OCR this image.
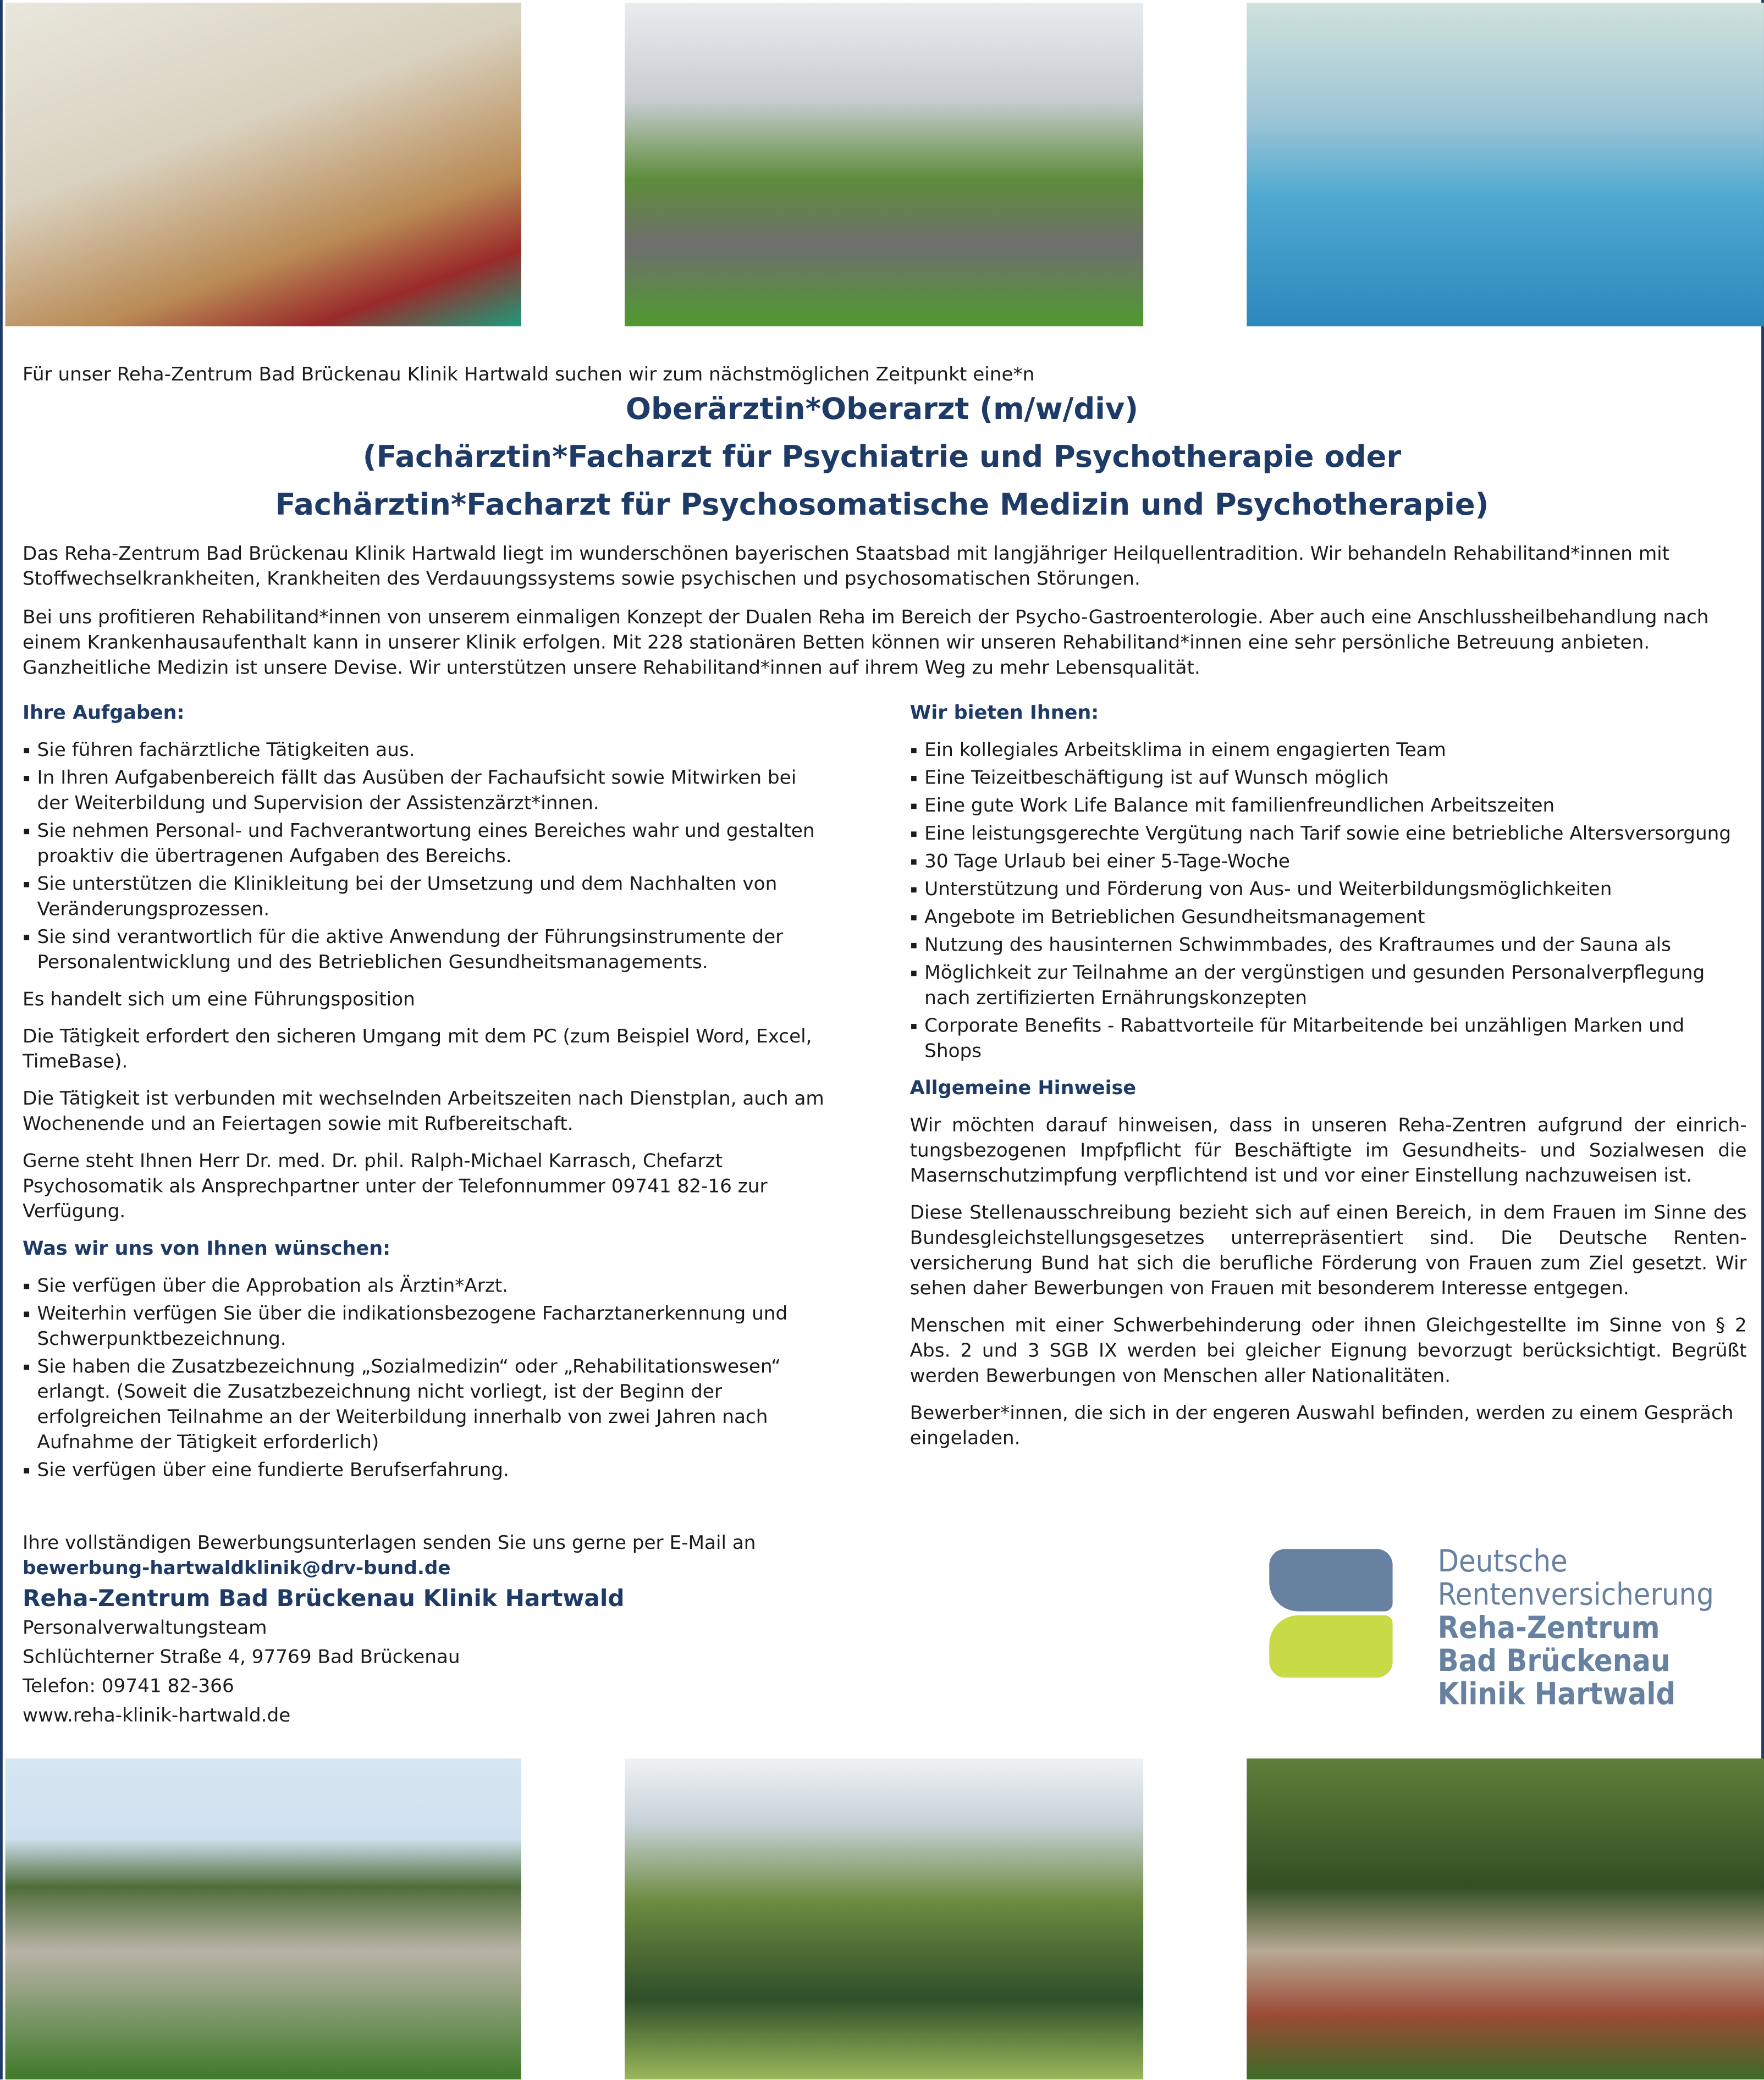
Für unser Reha-Zentrum Bad Brückenau Klinik Hartwald suchen wir zum nächstmöglichen Zeitpunkt eine*n
Oberärztin*Oberarzt (m/w/div)
(Fachärztin*Facharzt für Psychiatrie und Psychotherapie oder
Fachärztin*Facharzt für Psychosomatische Medizin und Psychotherapie)

Das Reha-Zentrum Bad Brückenau Klinik Hartwald liegt im wunderschönen bayerischen Staatsbad mit langjähriger Heilquellentradition. Wir behandeln Rehabilitand*innen mit Stoffwechselkrankheiten, Krankheiten des Verdauungssystems sowie psychischen und psychosomatischen Störungen.

Bei uns profitieren Rehabilitand*innen von unserem einmaligen Konzept der Dualen Reha im Bereich der Psycho-Gastroenterologie. Aber auch eine Anschlussheilbehandlung nach einem Krankenhausaufenthalt kann in unserer Klinik erfolgen. Mit 228 stationären Betten können wir unseren Rehabilitand*innen eine sehr persönliche Betreuung anbieten. Ganzheitliche Medizin ist unsere Devise. Wir unterstützen unsere Rehabilitand*innen auf ihrem Weg zu mehr Lebensqualität.

Ihre Aufgaben:
Sie führen fachärztliche Tätigkeiten aus.
In Ihren Aufgabenbereich fällt das Ausüben der Fachaufsicht sowie Mitwirken bei der Weiterbildung und Supervision der Assistenzärzt*innen.
Sie nehmen Personal- und Fachverantwortung eines Bereiches wahr und gestalten proaktiv die übertragenen Aufgaben des Bereichs.
Sie unterstützen die Klinikleitung bei der Umsetzung und dem Nachhalten von Veränderungsprozessen.
Sie sind verantwortlich für die aktive Anwendung der Führungsinstrumente der Personalentwicklung und des Betrieblichen Gesundheitsmanagements.

Es handelt sich um eine Führungsposition

Die Tätigkeit erfordert den sicheren Umgang mit dem PC (zum Beispiel Word, Excel, TimeBase).

Die Tätigkeit ist verbunden mit wechselnden Arbeitszeiten nach Dienstplan, auch am Wochenende und an Feiertagen sowie mit Rufbereitschaft.

Gerne steht Ihnen Herr Dr. med. Dr. phil. Ralph-Michael Karrasch, Chefarzt Psychosomatik als Ansprechpartner unter der Telefonnummer 09741 82-16 zur Verfügung.

Was wir uns von Ihnen wünschen:
Sie verfügen über die Approbation als Ärztin*Arzt.
Weiterhin verfügen Sie über die indikationsbezogene Facharztanerkennung und Schwerpunktbezeichnung.
Sie haben die Zusatzbezeichnung „Sozialmedizin“ oder „Rehabilitationswesen“ erlangt. (Soweit die Zusatzbezeichnung nicht vorliegt, ist der Beginn der erfolgreichen Teilnahme an der Weiterbildung innerhalb von zwei Jahren nach Aufnahme der Tätigkeit erforderlich)
Sie verfügen über eine fundierte Berufserfahrung.
Wir bieten Ihnen:
Ein kollegiales Arbeitsklima in einem engagierten Team
Eine Teizeitbeschäftigung ist auf Wunsch möglich
Eine gute Work Life Balance mit familienfreundlichen Arbeitszeiten
Eine leistungsgerechte Vergütung nach Tarif sowie eine betriebliche Altersversorgung
30 Tage Urlaub bei einer 5-Tage-Woche
Unterstützung und Förderung von Aus- und Weiterbildungsmöglichkeiten
Angebote im Betrieblichen Gesundheitsmanagement
Nutzung des hausinternen Schwimmbades, des Kraftraumes und der Sauna als
Möglichkeit zur Teilnahme an der vergünstigen und gesunden Personalverpflegung nach zertifizierten Ernährungskonzepten
Corporate Benefits - Rabattvorteile für Mitarbeitende bei unzähligen Marken und Shops
Allgemeine Hinweise

Wir möchten darauf hinweisen, dass in unseren Reha-Zentren aufgrund der einrich-tungsbezogenen Impfpflicht für Beschäftigte im Gesundheits- und Sozialwesen die Masernschutzimpfung verpflichtend ist und vor einer Einstellung nachzuweisen ist.

Diese Stellenausschreibung bezieht sich auf einen Bereich, in dem Frauen im Sinne des Bundesgleichstellungsgesetzes unterrepräsentiert sind. Die Deutsche Renten-versicherung Bund hat sich die berufliche Förderung von Frauen zum Ziel gesetzt. Wir sehen daher Bewerbungen von Frauen mit besonderem Interesse entgegen.

Menschen mit einer Schwerbehinderung oder ihnen Gleichgestellte im Sinne von § 2 Abs. 2 und 3 SGB IX werden bei gleicher Eignung bevorzugt berücksichtigt. Begrüßt werden Bewerbungen von Menschen aller Nationalitäten.

Bewerber*innen, die sich in der engeren Auswahl befinden, werden zu einem Gespräch eingeladen.

Ihre vollständigen Bewerbungsunterlagen senden Sie uns gerne per E-Mail an
bewerbung-hartwaldklinik@drv-bund.de
Reha-Zentrum Bad Brückenau Klinik Hartwald
Personalverwaltungsteam
Schlüchterner Straße 4, 97769 Bad Brückenau
Telefon: 09741 82-366
www.reha-klinik-hartwald.de
Deutsche
Rentenversicherung
Reha-Zentrum
Bad Brückenau
Klinik Hartwald
